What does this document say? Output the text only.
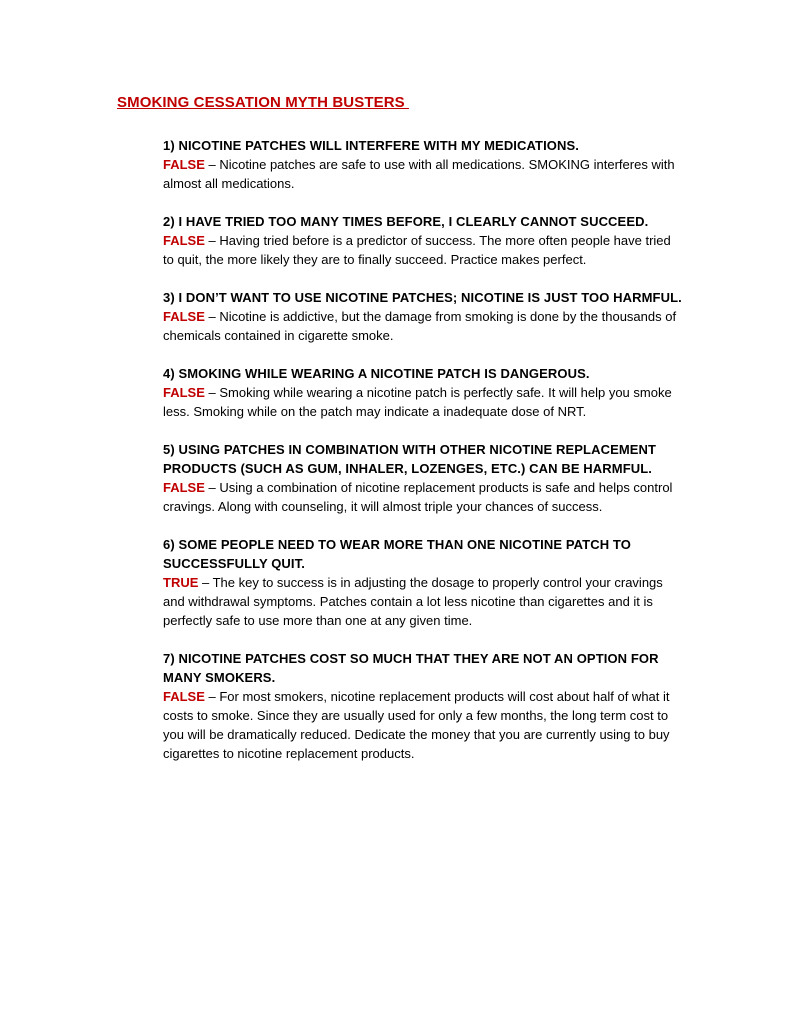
SMOKING CESSATION MYTH BUSTERS

1) NICOTINE PATCHES WILL INTERFERE WITH MY MEDICATIONS.

FALSE – Nicotine patches are safe to use with all medications. SMOKING interferes with almost all medications.

2) I HAVE TRIED TOO MANY TIMES BEFORE, I CLEARLY CANNOT SUCCEED.

FALSE – Having tried before is a predictor of success. The more often people have tried to quit, the more likely they are to finally succeed. Practice makes perfect.

3) I DON’T WANT TO USE NICOTINE PATCHES; NICOTINE IS JUST TOO HARMFUL.

FALSE – Nicotine is addictive, but the damage from smoking is done by the thousands of chemicals contained in cigarette smoke.

4) SMOKING WHILE WEARING A NICOTINE PATCH IS DANGEROUS.

FALSE – Smoking while wearing a nicotine patch is perfectly safe. It will help you smoke less. Smoking while on the patch may indicate a inadequate dose of NRT.

5) USING PATCHES IN COMBINATION WITH OTHER NICOTINE REPLACEMENT PRODUCTS (SUCH AS GUM, INHALER, LOZENGES, ETC.) CAN BE HARMFUL.

FALSE – Using a combination of nicotine replacement products is safe and helps control cravings. Along with counseling, it will almost triple your chances of success.

6) SOME PEOPLE NEED TO WEAR MORE THAN ONE NICOTINE PATCH TO SUCCESSFULLY QUIT.

TRUE – The key to success is in adjusting the dosage to properly control your cravings and withdrawal symptoms. Patches contain a lot less nicotine than cigarettes and it is perfectly safe to use more than one at any given time.

7) NICOTINE PATCHES COST SO MUCH THAT THEY ARE NOT AN OPTION FOR MANY SMOKERS.

FALSE – For most smokers, nicotine replacement products will cost about half of what it costs to smoke. Since they are usually used for only a few months, the long term cost to you will be dramatically reduced. Dedicate the money that you are currently using to buy cigarettes to nicotine replacement products.
